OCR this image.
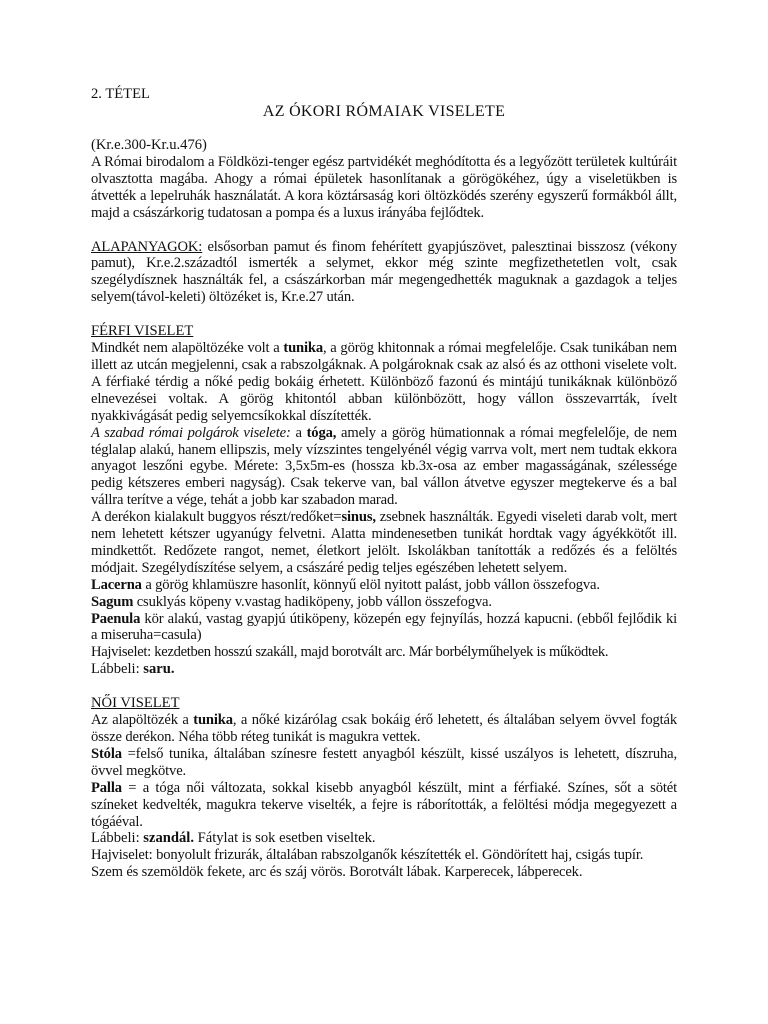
2. TÉTEL
AZ ÓKORI RÓMAIAK VISELETE

(Kr.e.300-Kr.u.476)

A Római birodalom a Földközi-tenger egész partvidékét meghódította és a legyőzött területek kultúráit olvasztotta magába. Ahogy a római épületek hasonlítanak a görögökéhez, úgy a viseletükben is átvették a lepelruhák használatát. A kora köztársaság kori öltözködés szerény egyszerű formákból állt, majd a császárkorig tudatosan a pompa és a luxus irányába fejlődtek.

ALAPANYAGOK: elsősorban pamut és finom fehérített gyapjúszövet, palesztinai bisszosz (vékony pamut), Kr.e.2.századtól ismerték a selymet, ekkor még szinte megfizethetetlen volt, csak szegélydísznek használták fel, a császárkorban már megengedhették maguknak a gazdagok a teljes selyem(távol-keleti) öltözéket is, Kr.e.27 után.

FÉRFI VISELET

Mindkét nem alapöltözéke volt a tunika, a görög khitonnak a római megfelelője. Csak tunikában nem illett az utcán megjelenni, csak a rabszolgáknak. A polgároknak csak az alsó és az otthoni viselete volt. A férfiaké térdig a nőké pedig bokáig érhetett. Különböző fazonú és mintájú tunikáknak különböző elnevezései voltak. A görög khitontól abban különbözött, hogy vállon összevarrták, ívelt nyakkivágását pedig selyemcsíkokkal díszítették.

A szabad római polgárok viselete: a tóga, amely a görög hümationnak a római megfelelője, de nem téglalap alakú, hanem ellipszis, mely vízszintes tengelyénél végig varrva volt, mert nem tudtak ekkora anyagot leszőni egybe. Mérete: 3,5x5m-es (hossza kb.3x-osa az ember magasságának, szélessége pedig kétszeres emberi nagyság). Csak tekerve van, bal vállon átvetve egyszer megtekerve és a bal vállra terítve a vége, tehát a jobb kar szabadon marad.

A derékon kialakult buggyos részt/redőket=sinus, zsebnek használták. Egyedi viseleti darab volt, mert nem lehetett kétszer ugyanúgy felvetni. Alatta mindenesetben tunikát hordtak vagy ágyékkötőt ill. mindkettőt. Redőzete rangot, nemet, életkort jelölt. Iskolákban tanították a redőzés és a felöltés módjait. Szegélydíszítése selyem, a császáré pedig teljes egészében lehetett selyem.

Lacerna a görög khlamüszre hasonlít, könnyű elöl nyitott palást, jobb vállon összefogva.

Sagum csuklyás köpeny v.vastag hadiköpeny, jobb vállon összefogva.

Paenula kör alakú, vastag gyapjú útiköpeny, közepén egy fejnyílás, hozzá kapucni. (ebből fejlődik ki a miseruha=casula)

Hajviselet: kezdetben hosszú szakáll, majd borotvált arc. Már borbélyműhelyek is működtek.

Lábbeli: saru.

NŐI VISELET

Az alapöltözék a tunika, a nőké kizárólag csak bokáig érő lehetett, és általában selyem övvel fogták össze derékon. Néha több réteg tunikát is magukra vettek.

Stóla =felső tunika, általában színesre festett anyagból készült, kissé uszályos is lehetett, díszruha, övvel megkötve.

Palla = a tóga női változata, sokkal kisebb anyagból készült, mint a férfiaké. Színes, sőt a sötét színeket kedvelték, magukra tekerve viselték, a fejre is ráborították, a felöltési módja megegyezett a tógáéval.

Lábbeli: szandál. Fátylat is sok esetben viseltek.

Hajviselet: bonyolult frizurák, általában rabszolganők készítették el. Göndörített haj, csigás tupír.

Szem és szemöldök fekete, arc és száj vörös. Borotvált lábak. Karperecek, lábperecek.
